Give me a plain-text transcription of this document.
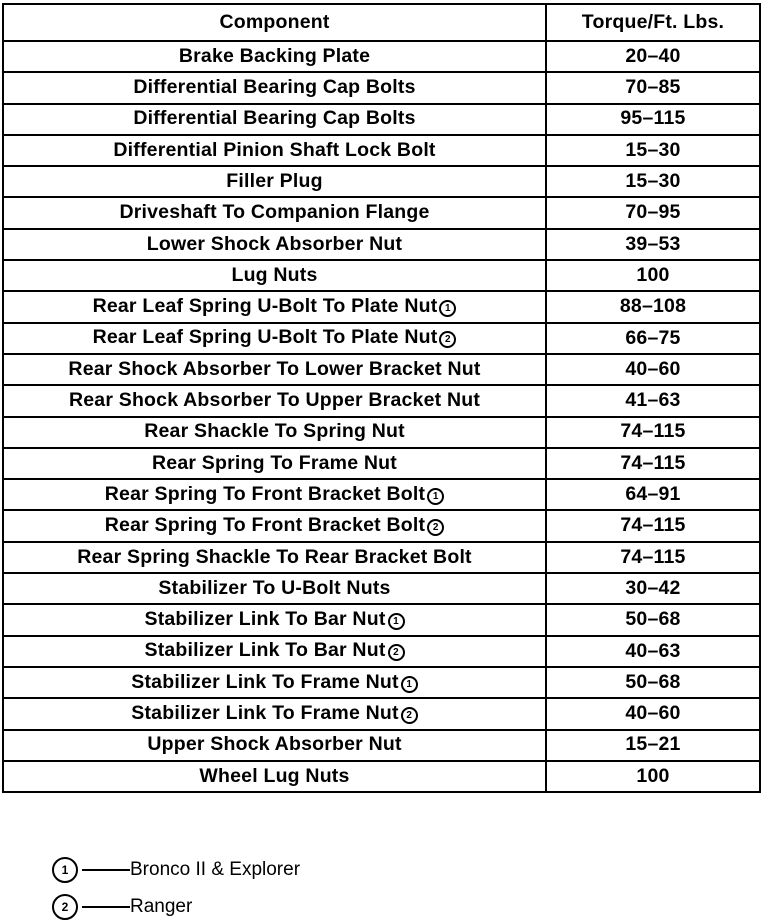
Component	Torque/Ft. Lbs.
Brake Backing Plate	20–40
Differential Bearing Cap Bolts	70–85
Differential Bearing Cap Bolts	95–115
Differential Pinion Shaft Lock Bolt	15–30
Filler Plug	15–30
Driveshaft To Companion Flange	70–95
Lower Shock Absorber Nut	39–53
Lug Nuts	100
Rear Leaf Spring U-Bolt To Plate Nut 1	88–108
Rear Leaf Spring U-Bolt To Plate Nut 2	66–75
Rear Shock Absorber To Lower Bracket Nut	40–60
Rear Shock Absorber To Upper Bracket Nut	41–63
Rear Shackle To Spring Nut	74–115
Rear Spring To Frame Nut	74–115
Rear Spring To Front Bracket Bolt 1	64–91
Rear Spring To Front Bracket Bolt 2	74–115
Rear Spring Shackle To Rear Bracket Bolt	74–115
Stabilizer To U-Bolt Nuts	30–42
Stabilizer Link To Bar Nut 1	50–68
Stabilizer Link To Bar Nut 2	40–63
Stabilizer Link To Frame Nut 1	50–68
Stabilizer Link To Frame Nut 2	40–60
Upper Shock Absorber Nut	15–21
Wheel Lug Nuts	100
1	Bronco II & Explorer
2	Ranger
